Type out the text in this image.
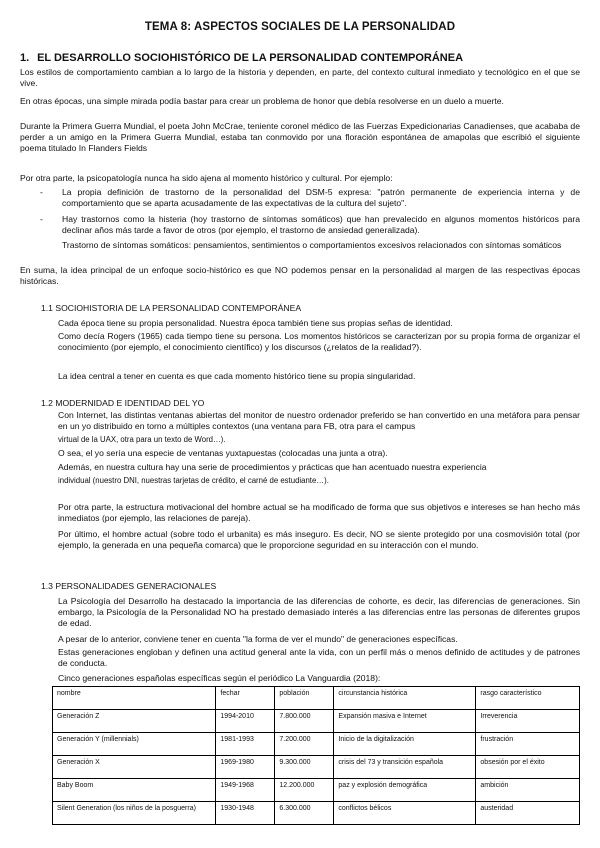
TEMA 8: ASPECTOS SOCIALES DE LA PERSONALIDAD
1. EL DESARROLLO SOCIOHISTÓRICO DE LA PERSONALIDAD CONTEMPORÁNEA
Los estilos de comportamiento cambian a lo largo de la historia y dependen, en parte, del contexto cultural inmediato y tecnológico en el que se vive.
En otras épocas, una simple mirada podía bastar para crear un problema de honor que debía resolverse en un duelo a muerte.
Durante la Primera Guerra Mundial, el poeta John McCrae, teniente coronel médico de las Fuerzas Expedicionarias Canadienses, que acababa de perder a un amigo en la Primera Guerra Mundial, estaba tan conmovido por una floración espontánea de amapolas que escribió el siguiente poema titulado In Flanders Fields
Por otra parte, la psicopatología nunca ha sido ajena al momento histórico y cultural. Por ejemplo:
- La propia definición de trastorno de la personalidad del DSM-5 expresa: "patrón permanente de experiencia interna y de comportamiento que se aparta acusadamente de las expectativas de la cultura del sujeto".
- Hay trastornos como la histeria (hoy trastorno de síntomas somáticos) que han prevalecido en algunos momentos históricos para declinar años más tarde a favor de otros (por ejemplo, el trastorno de ansiedad generalizada).
Trastorno de síntomas somáticos: pensamientos, sentimientos o comportamientos excesivos relacionados con síntomas somáticos
En suma, la idea principal de un enfoque socio-histórico es que NO podemos pensar en la personalidad al margen de las respectivas épocas históricas.
1.1 SOCIOHISTORIA DE LA PERSONALIDAD CONTEMPORÁNEA
Cada época tiene su propia personalidad. Nuestra época también tiene sus propias señas de identidad.
Como decía Rogers (1965) cada tiempo tiene su persona. Los momentos históricos se caracterizan por su propia forma de organizar el conocimiento (por ejemplo, el conocimiento científico) y los discursos (¿relatos de la realidad?).
La idea central a tener en cuenta es que cada momento histórico tiene su propia singularidad.
1.2 MODERNIDAD E IDENTIDAD DEL YO
Con Internet, las distintas ventanas abiertas del monitor de nuestro ordenador preferido se han convertido en una metáfora para pensar en un yo distribuido en torno a múltiples contextos (una ventana para FB, otra para el campus
virtual de la UAX, otra para un texto de Word…).
O sea, el yo sería una especie de ventanas yuxtapuestas (colocadas una junta a otra).
Además, en nuestra cultura hay una serie de procedimientos y prácticas que han acentuado nuestra experiencia
individual (nuestro DNI, nuestras tarjetas de crédito, el carné de estudiante…).
Por otra parte, la estructura motivacional del hombre actual se ha modificado de forma que sus objetivos e intereses se han hecho más inmediatos (por ejemplo, las relaciones de pareja).
Por último, el hombre actual (sobre todo el urbanita) es más inseguro. Es decir, NO se siente protegido por una cosmovisión total (por ejemplo, la generada en una pequeña comarca) que le proporcione seguridad en su interacción con el mundo.
1.3 PERSONALIDADES GENERACIONALES
La Psicología del Desarrollo ha destacado la importancia de las diferencias de cohorte, es decir, las diferencias de generaciones. Sin embargo, la Psicología de la Personalidad NO ha prestado demasiado interés a las diferencias entre las personas de diferentes grupos de edad.
A pesar de lo anterior, conviene tener en cuenta "la forma de ver el mundo" de generaciones específicas.
Estas generaciones engloban y definen una actitud general ante la vida, con un perfil más o menos definido de actitudes y de patrones de conducta.
Cinco generaciones españolas específicas según el periódico La Vanguardia (2018):
nombre	fechar	población	circunstancia histórica	rasgo característico
Generación Z	1994-2010	7.800.000	Expansión masiva e Internet	Irreverencia
Generación Y (millennials)	1981-1993	7.200.000	Inicio de la digitalización	frustración
Generación X	1969-1980	9.300.000	crisis del 73 y transición española	obsesión por el éxito
Baby Boom	1949-1968	12.200.000	paz y explosión demográfica	ambición
Silent Generation (los niños de la posguerra)	1930-1948	6.300.000	conflictos bélicos	austeridad
